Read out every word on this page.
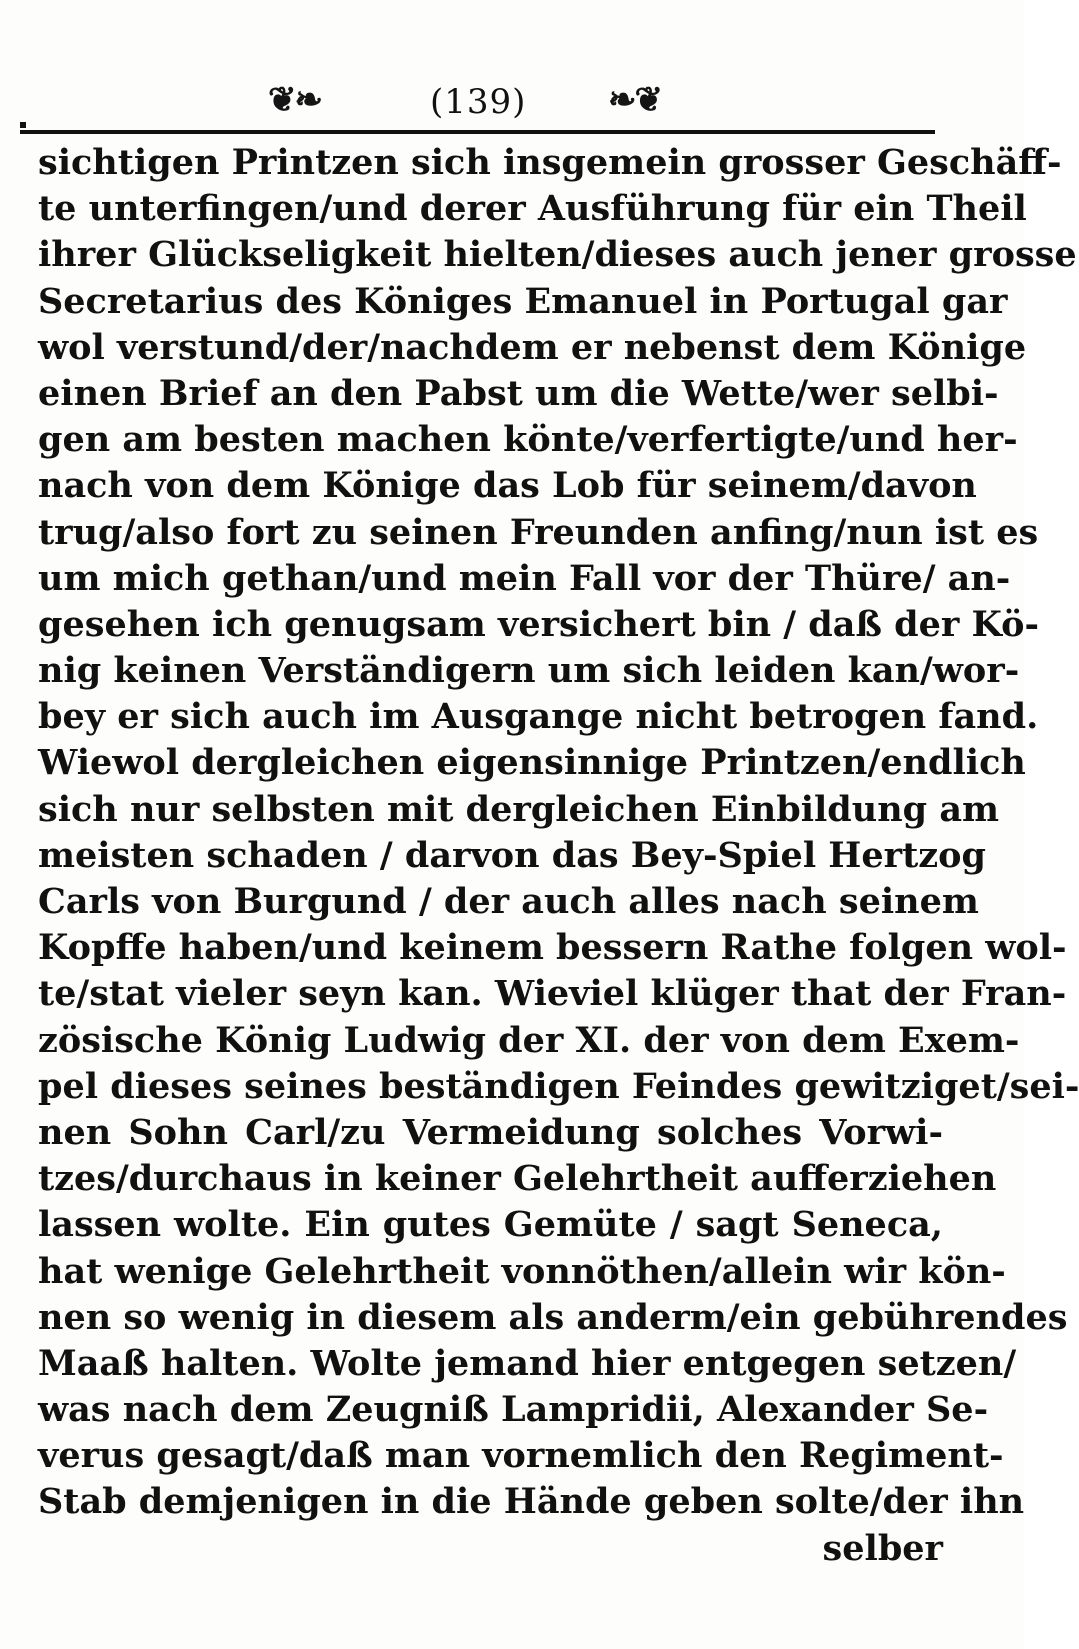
❦❧	(139) ❧❦
sichtigen Printzen sich insgemein grosser Geschäff-
te unterfingen/und derer Ausführung für ein Theil
ihrer Glückseligkeit hielten/dieses auch jener grosse
Secretarius des Königes Emanuel in Portugal gar
wol verstund/der/nachdem er nebenst dem Könige
einen Brief an den Pabst um die Wette/wer selbi-
gen am besten machen könte/verfertigte/und her-
nach von dem Könige das Lob für seinem/davon
trug/also fort zu seinen Freunden anfing/nun ist es
um mich gethan/und mein Fall vor der Thüre/ an-
gesehen ich genugsam versichert bin / daß der Kö-
nig keinen Verständigern um sich leiden kan/wor-
bey er sich auch im Ausgange nicht betrogen fand.
Wiewol dergleichen eigensinnige Printzen/endlich
sich nur selbsten mit dergleichen Einbildung am
meisten schaden / darvon das Bey-Spiel Hertzog
Carls von Burgund / der auch alles nach seinem
Kopffe haben/und keinem bessern Rathe folgen wol-
te/stat vieler seyn kan. Wieviel klüger that der Fran-
zösische König Ludwig der XI. der von dem Exem-
pel dieses seines beständigen Feindes gewitziget/sei-
nen Sohn Carl/zu Vermeidung solches Vorwi-
tzes/durchaus in keiner Gelehrtheit aufferziehen
lassen wolte. Ein gutes Gemüte / sagt Seneca,
hat wenige Gelehrtheit vonnöthen/allein wir kön-
nen so wenig in diesem als anderm/ein gebührendes
Maaß halten. Wolte jemand hier entgegen setzen/
was nach dem Zeugniß Lampridii, Alexander Se-
verus gesagt/daß man vornemlich den Regiment-
Stab demjenigen in die Hände geben solte/der ihn
selber
